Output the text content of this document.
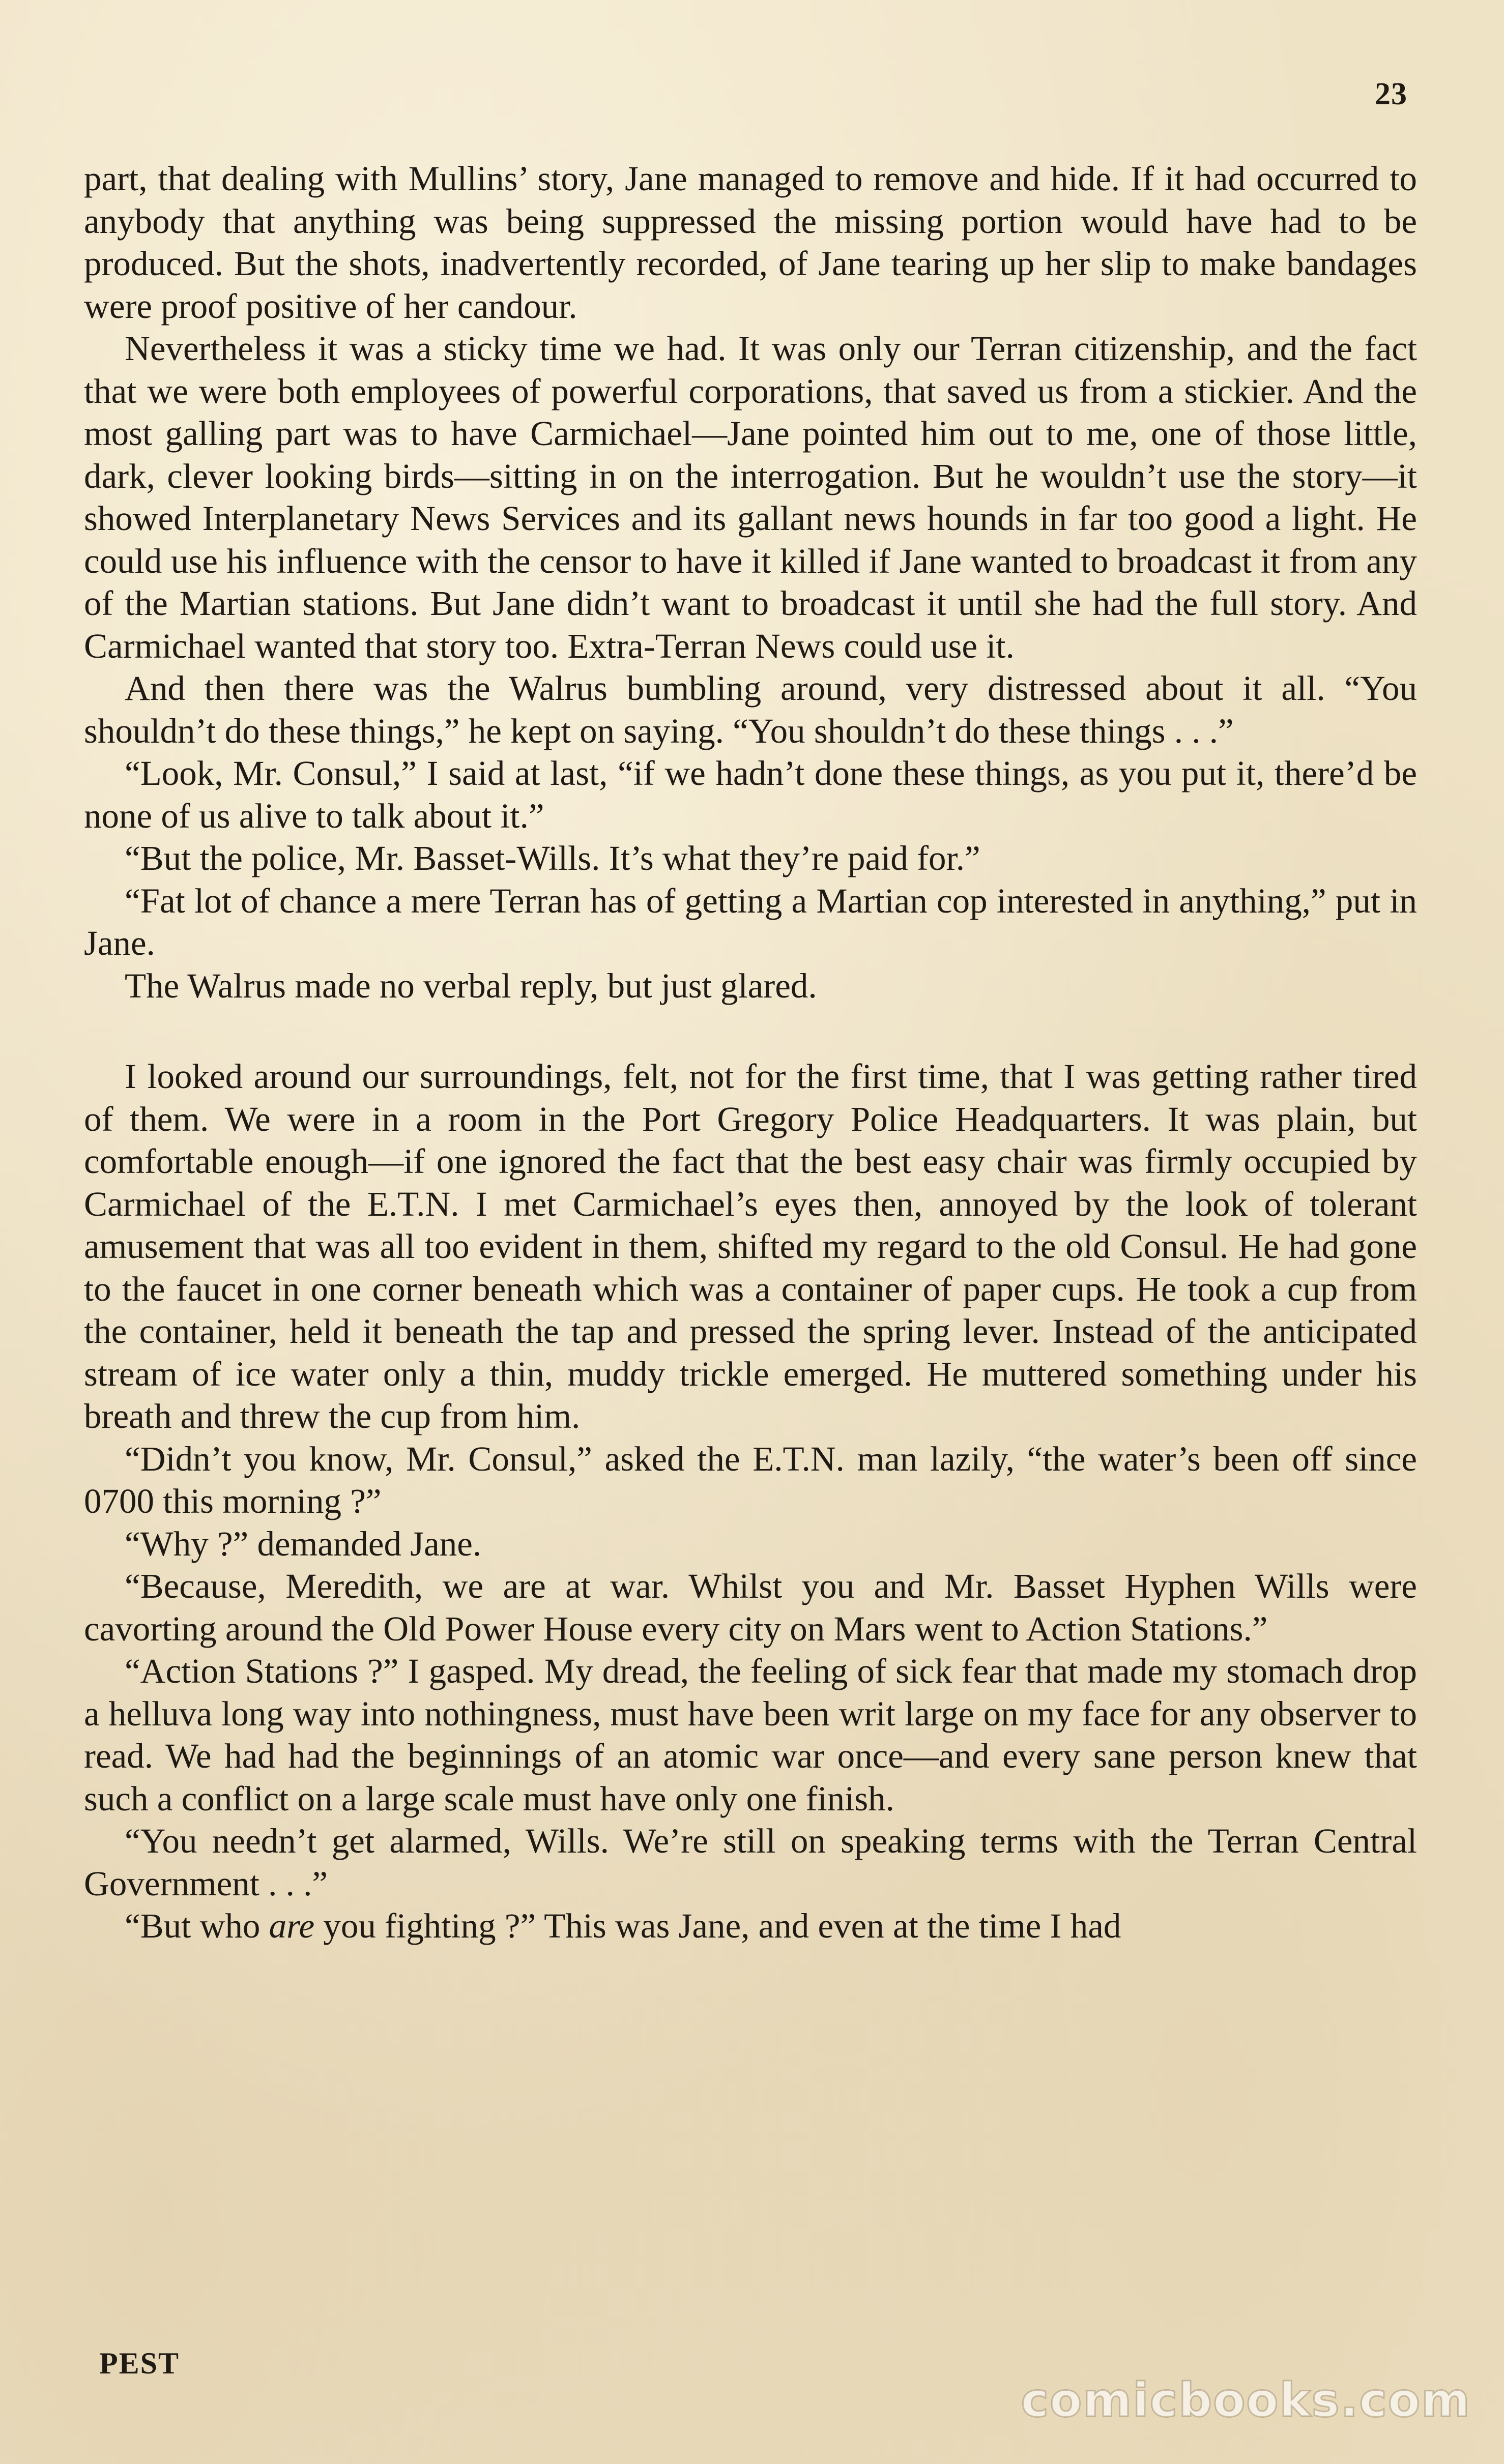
23

part, that dealing with Mullins’ story, Jane managed to remove and hide. If it had occurred to anybody that anything was being suppressed the missing portion would have had to be produced. But the shots, inadvertently recorded, of Jane tearing up her slip to make bandages were proof positive of her candour.

Nevertheless it was a sticky time we had. It was only our Terran citizenship, and the fact that we were both employees of powerful corporations, that saved us from a stickier. And the most galling part was to have Carmichael—Jane pointed him out to me, one of those little, dark, clever looking birds—sitting in on the interrogation. But he wouldn’t use the story—it showed Interplanetary News Services and its gallant news hounds in far too good a light. He could use his influence with the censor to have it killed if Jane wanted to broadcast it from any of the Martian stations. But Jane didn’t want to broadcast it until she had the full story. And Carmichael wanted that story too. Extra-Terran News could use it.

And then there was the Walrus bumbling around, very distressed about it all. “You shouldn’t do these things,” he kept on saying. “You shouldn’t do these things . . .”

“Look, Mr. Consul,” I said at last, “if we hadn’t done these things, as you put it, there’d be none of us alive to talk about it.”

“But the police, Mr. Basset-Wills. It’s what they’re paid for.”

“Fat lot of chance a mere Terran has of getting a Martian cop interested in anything,” put in Jane.

The Walrus made no verbal reply, but just glared.

I looked around our surroundings, felt, not for the first time, that I was getting rather tired of them. We were in a room in the Port Gregory Police Headquarters. It was plain, but comfortable enough—if one ignored the fact that the best easy chair was firmly occupied by Carmichael of the E.T.N. I met Carmichael’s eyes then, annoyed by the look of tolerant amusement that was all too evident in them, shifted my regard to the old Consul. He had gone to the faucet in one corner beneath which was a container of paper cups. He took a cup from the container, held it beneath the tap and pressed the spring lever. Instead of the anticipated stream of ice water only a thin, muddy trickle emerged. He muttered something under his breath and threw the cup from him.

“Didn’t you know, Mr. Consul,” asked the E.T.N. man lazily, “the water’s been off since 0700 this morning ?”

“Why ?” demanded Jane.

“Because, Meredith, we are at war. Whilst you and Mr. Basset Hyphen Wills were cavorting around the Old Power House every city on Mars went to Action Stations.”

“Action Stations ?” I gasped. My dread, the feeling of sick fear that made my stomach drop a helluva long way into nothingness, must have been writ large on my face for any observer to read. We had had the beginnings of an atomic war once—and every sane person knew that such a conflict on a large scale must have only one finish.

“You needn’t get alarmed, Wills. We’re still on speaking terms with the Terran Central Government . . .”

“But who are you fighting ?” This was Jane, and even at the time I had

PEST
comicbooks.com
